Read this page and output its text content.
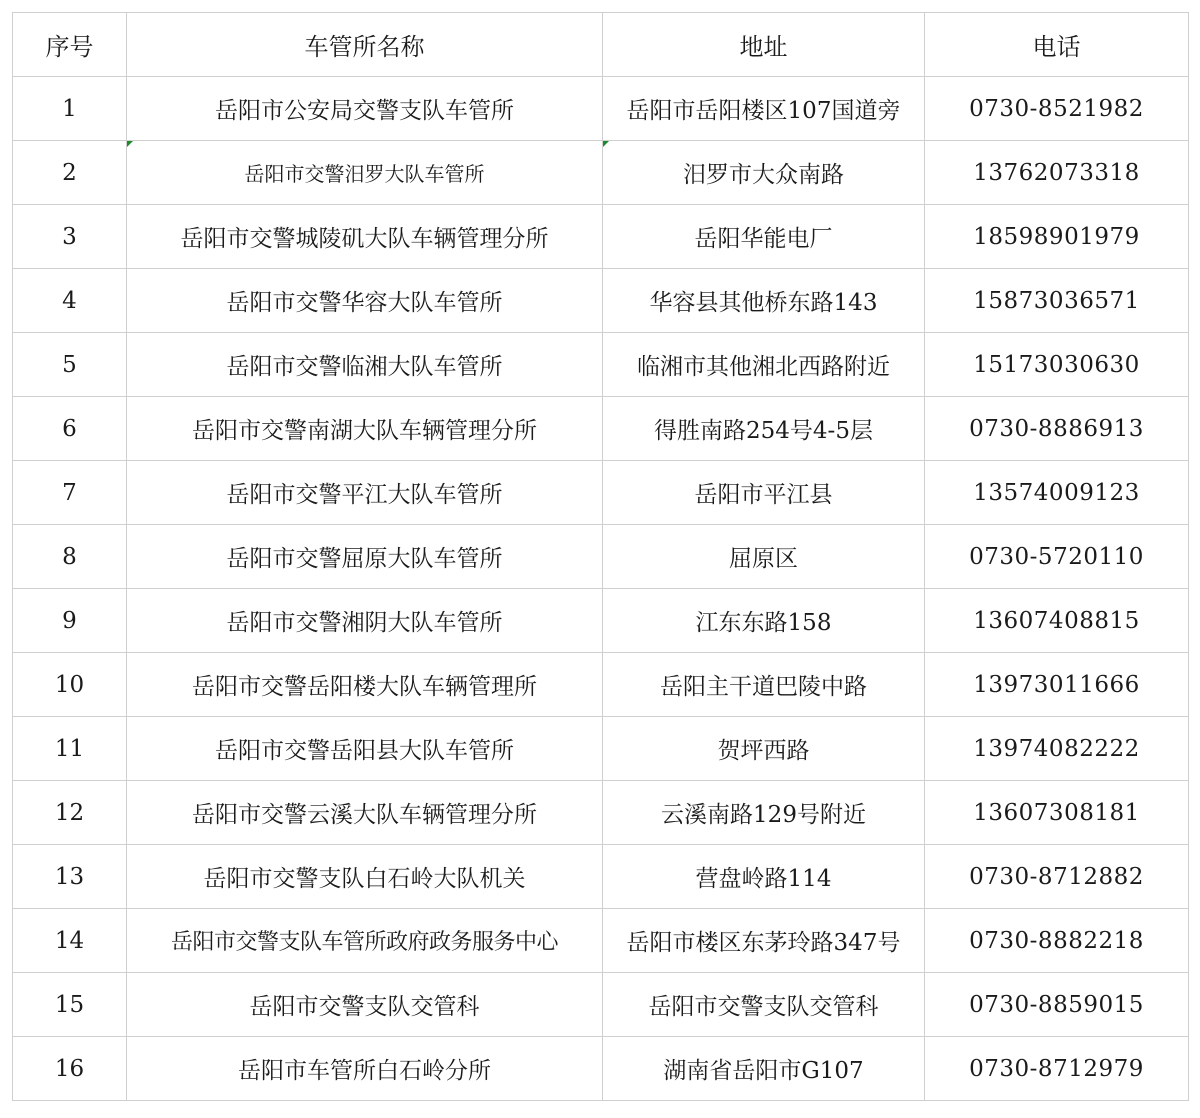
序号	车管所名称	地址	电话
1	岳阳市公安局交警支队车管所	岳阳市岳阳楼区107国道旁	0730-8521982
2	岳阳市交警汨罗大队车管所	汨罗市大众南路	13762073318
3	岳阳市交警城陵矶大队车辆管理分所	岳阳华能电厂	18598901979
4	岳阳市交警华容大队车管所	华容县其他桥东路143	15873036571
5	岳阳市交警临湘大队车管所	临湘市其他湘北西路附近	15173030630
6	岳阳市交警南湖大队车辆管理分所	得胜南路254号4-5层	0730-8886913
7	岳阳市交警平江大队车管所	岳阳市平江县	13574009123
8	岳阳市交警屈原大队车管所	屈原区	0730-5720110
9	岳阳市交警湘阴大队车管所	江东东路158	13607408815
10	岳阳市交警岳阳楼大队车辆管理所	岳阳主干道巴陵中路	13973011666
11	岳阳市交警岳阳县大队车管所	贺坪西路	13974082222
12	岳阳市交警云溪大队车辆管理分所	云溪南路129号附近	13607308181
13	岳阳市交警支队白石岭大队机关	营盘岭路114	0730-8712882
14	岳阳市交警支队车管所政府政务服务中心	岳阳市楼区东茅玲路347号	0730-8882218
15	岳阳市交警支队交管科	岳阳市交警支队交管科	0730-8859015
16	岳阳市车管所白石岭分所	湖南省岳阳市G107	0730-8712979
